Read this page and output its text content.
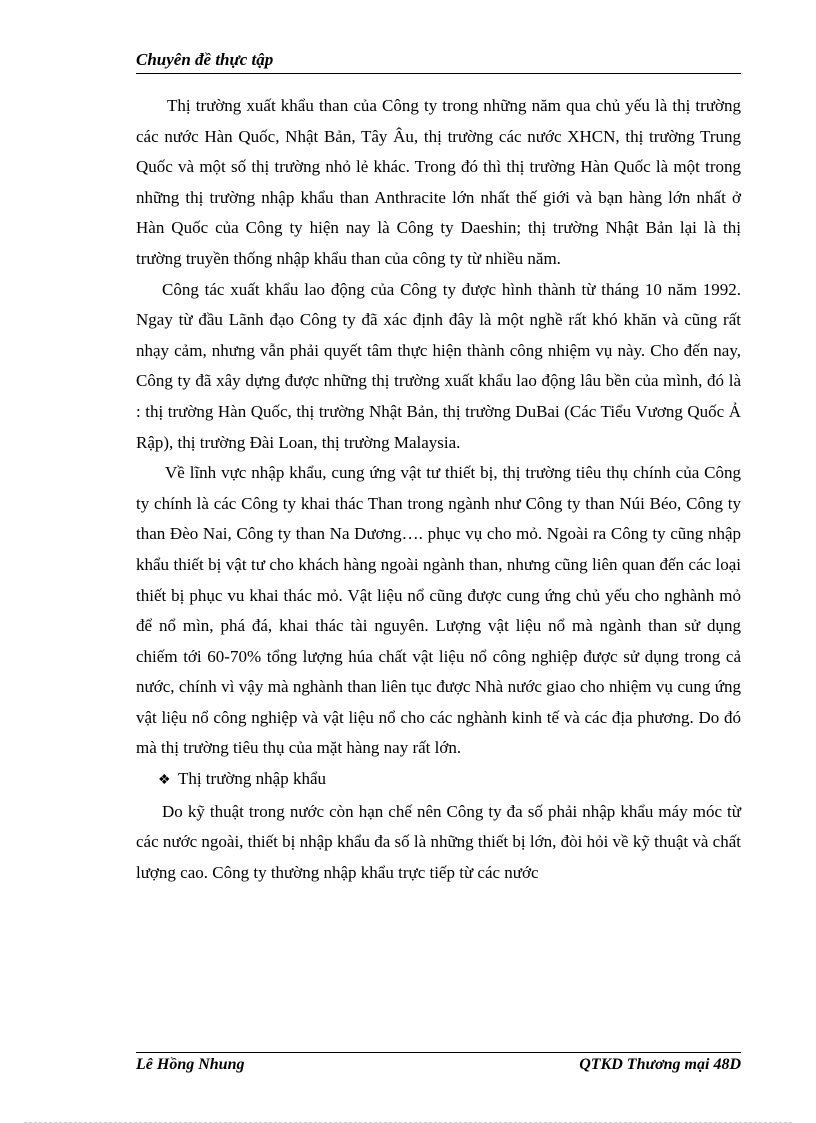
Chuyên đề thực tập

Thị trường xuất khẩu than của Công ty trong những năm qua chủ yếu là thị trường các nước Hàn Quốc, Nhật Bản, Tây Âu, thị trường các nước XHCN, thị trường Trung Quốc và một số thị trường nhỏ lẻ khác. Trong đó thì thị trường Hàn Quốc là một trong những thị trường nhập khẩu than Anthracite lớn nhất thế giới và bạn hàng lớn nhất ở Hàn Quốc của Công ty hiện nay là Công ty Daeshin; thị trường Nhật Bản lại là thị trường truyền thống nhập khẩu than của công ty từ nhiều năm.

Công tác xuất khẩu lao động của Công ty được hình thành từ tháng 10 năm 1992. Ngay từ đầu Lãnh đạo Công ty đã xác định đây là một nghề rất khó khăn và cũng rất nhạy cảm, nhưng vẫn phải quyết tâm thực hiện thành công nhiệm vụ này. Cho đến nay, Công ty đã xây dựng được những thị trường xuất khẩu lao động lâu bền của mình, đó là : thị trường Hàn Quốc, thị trường Nhật Bản, thị trường DuBai (Các Tiểu Vương Quốc Ả Rập), thị trường Đài Loan, thị trường Malaysia.

Về lĩnh vực nhập khẩu, cung ứng vật tư thiết bị, thị trường tiêu thụ chính của Công ty chính là các Công ty khai thác Than trong ngành như Công ty than Núi Béo, Công ty than Đèo Nai, Công ty than Na Dương…. phục vụ cho mỏ. Ngoài ra Công ty cũng nhập khẩu thiết bị vật tư cho khách hàng ngoài ngành than, nhưng cũng liên quan đến các loại thiết bị phục vu khai thác mỏ. Vật liệu nổ cũng được cung ứng chủ yếu cho nghành mỏ để nổ mìn, phá đá, khai thác tài nguyên. Lượng vật liệu nổ mà ngành than sử dụng chiếm tới 60-70% tổng lượng húa chất vật liệu nổ công nghiệp được sử dụng trong cả nước, chính vì vậy mà nghành than liên tục được Nhà nước giao cho nhiệm vụ cung ứng vật liệu nổ công nghiệp và vật liệu nổ cho các nghành kinh tế và các địa phương. Do đó mà thị trường tiêu thụ của mặt hàng nay rất lớn.

❖ Thị trường nhập khẩu

Do kỹ thuật trong nước còn hạn chế nên Công ty đa số phải nhập khẩu máy móc từ các nước ngoài, thiết bị nhập khẩu đa số là những thiết bị lớn, đòi hỏi về kỹ thuật và chất lượng cao. Công ty thường nhập khẩu trực tiếp từ các nước

Lê Hồng Nhung	QTKD Thương mại 48D
